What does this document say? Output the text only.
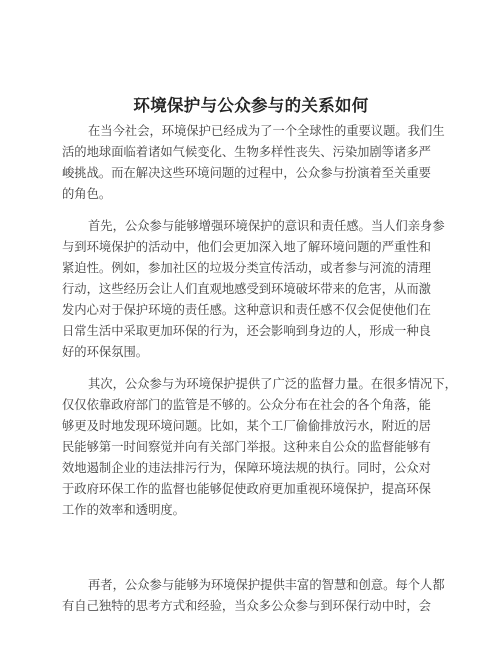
环境保护与公众参与的关系如何
在当今社会，环境保护已经成为了一个全球性的重要议题。我们生
活的地球面临着诸如气候变化、生物多样性丧失、污染加剧等诸多严
峻挑战。而在解决这些环境问题的过程中，公众参与扮演着至关重要
的角色。
首先，公众参与能够增强环境保护的意识和责任感。当人们亲身参
与到环境保护的活动中，他们会更加深入地了解环境问题的严重性和
紧迫性。例如，参加社区的垃圾分类宣传活动，或者参与河流的清理
行动，这些经历会让人们直观地感受到环境破坏带来的危害，从而激
发内心对于保护环境的责任感。这种意识和责任感不仅会促使他们在
日常生活中采取更加环保的行为，还会影响到身边的人，形成一种良
好的环保氛围。
其次，公众参与为环境保护提供了广泛的监督力量。在很多情况下，
仅仅依靠政府部门的监管是不够的。公众分布在社会的各个角落，能
够更及时地发现环境问题。比如，某个工厂偷偷排放污水，附近的居
民能够第一时间察觉并向有关部门举报。这种来自公众的监督能够有
效地遏制企业的违法排污行为，保障环境法规的执行。同时，公众对
于政府环保工作的监督也能够促使政府更加重视环境保护，提高环保
工作的效率和透明度。
再者，公众参与能够为环境保护提供丰富的智慧和创意。每个人都
有自己独特的思考方式和经验，当众多公众参与到环保行动中时，会
